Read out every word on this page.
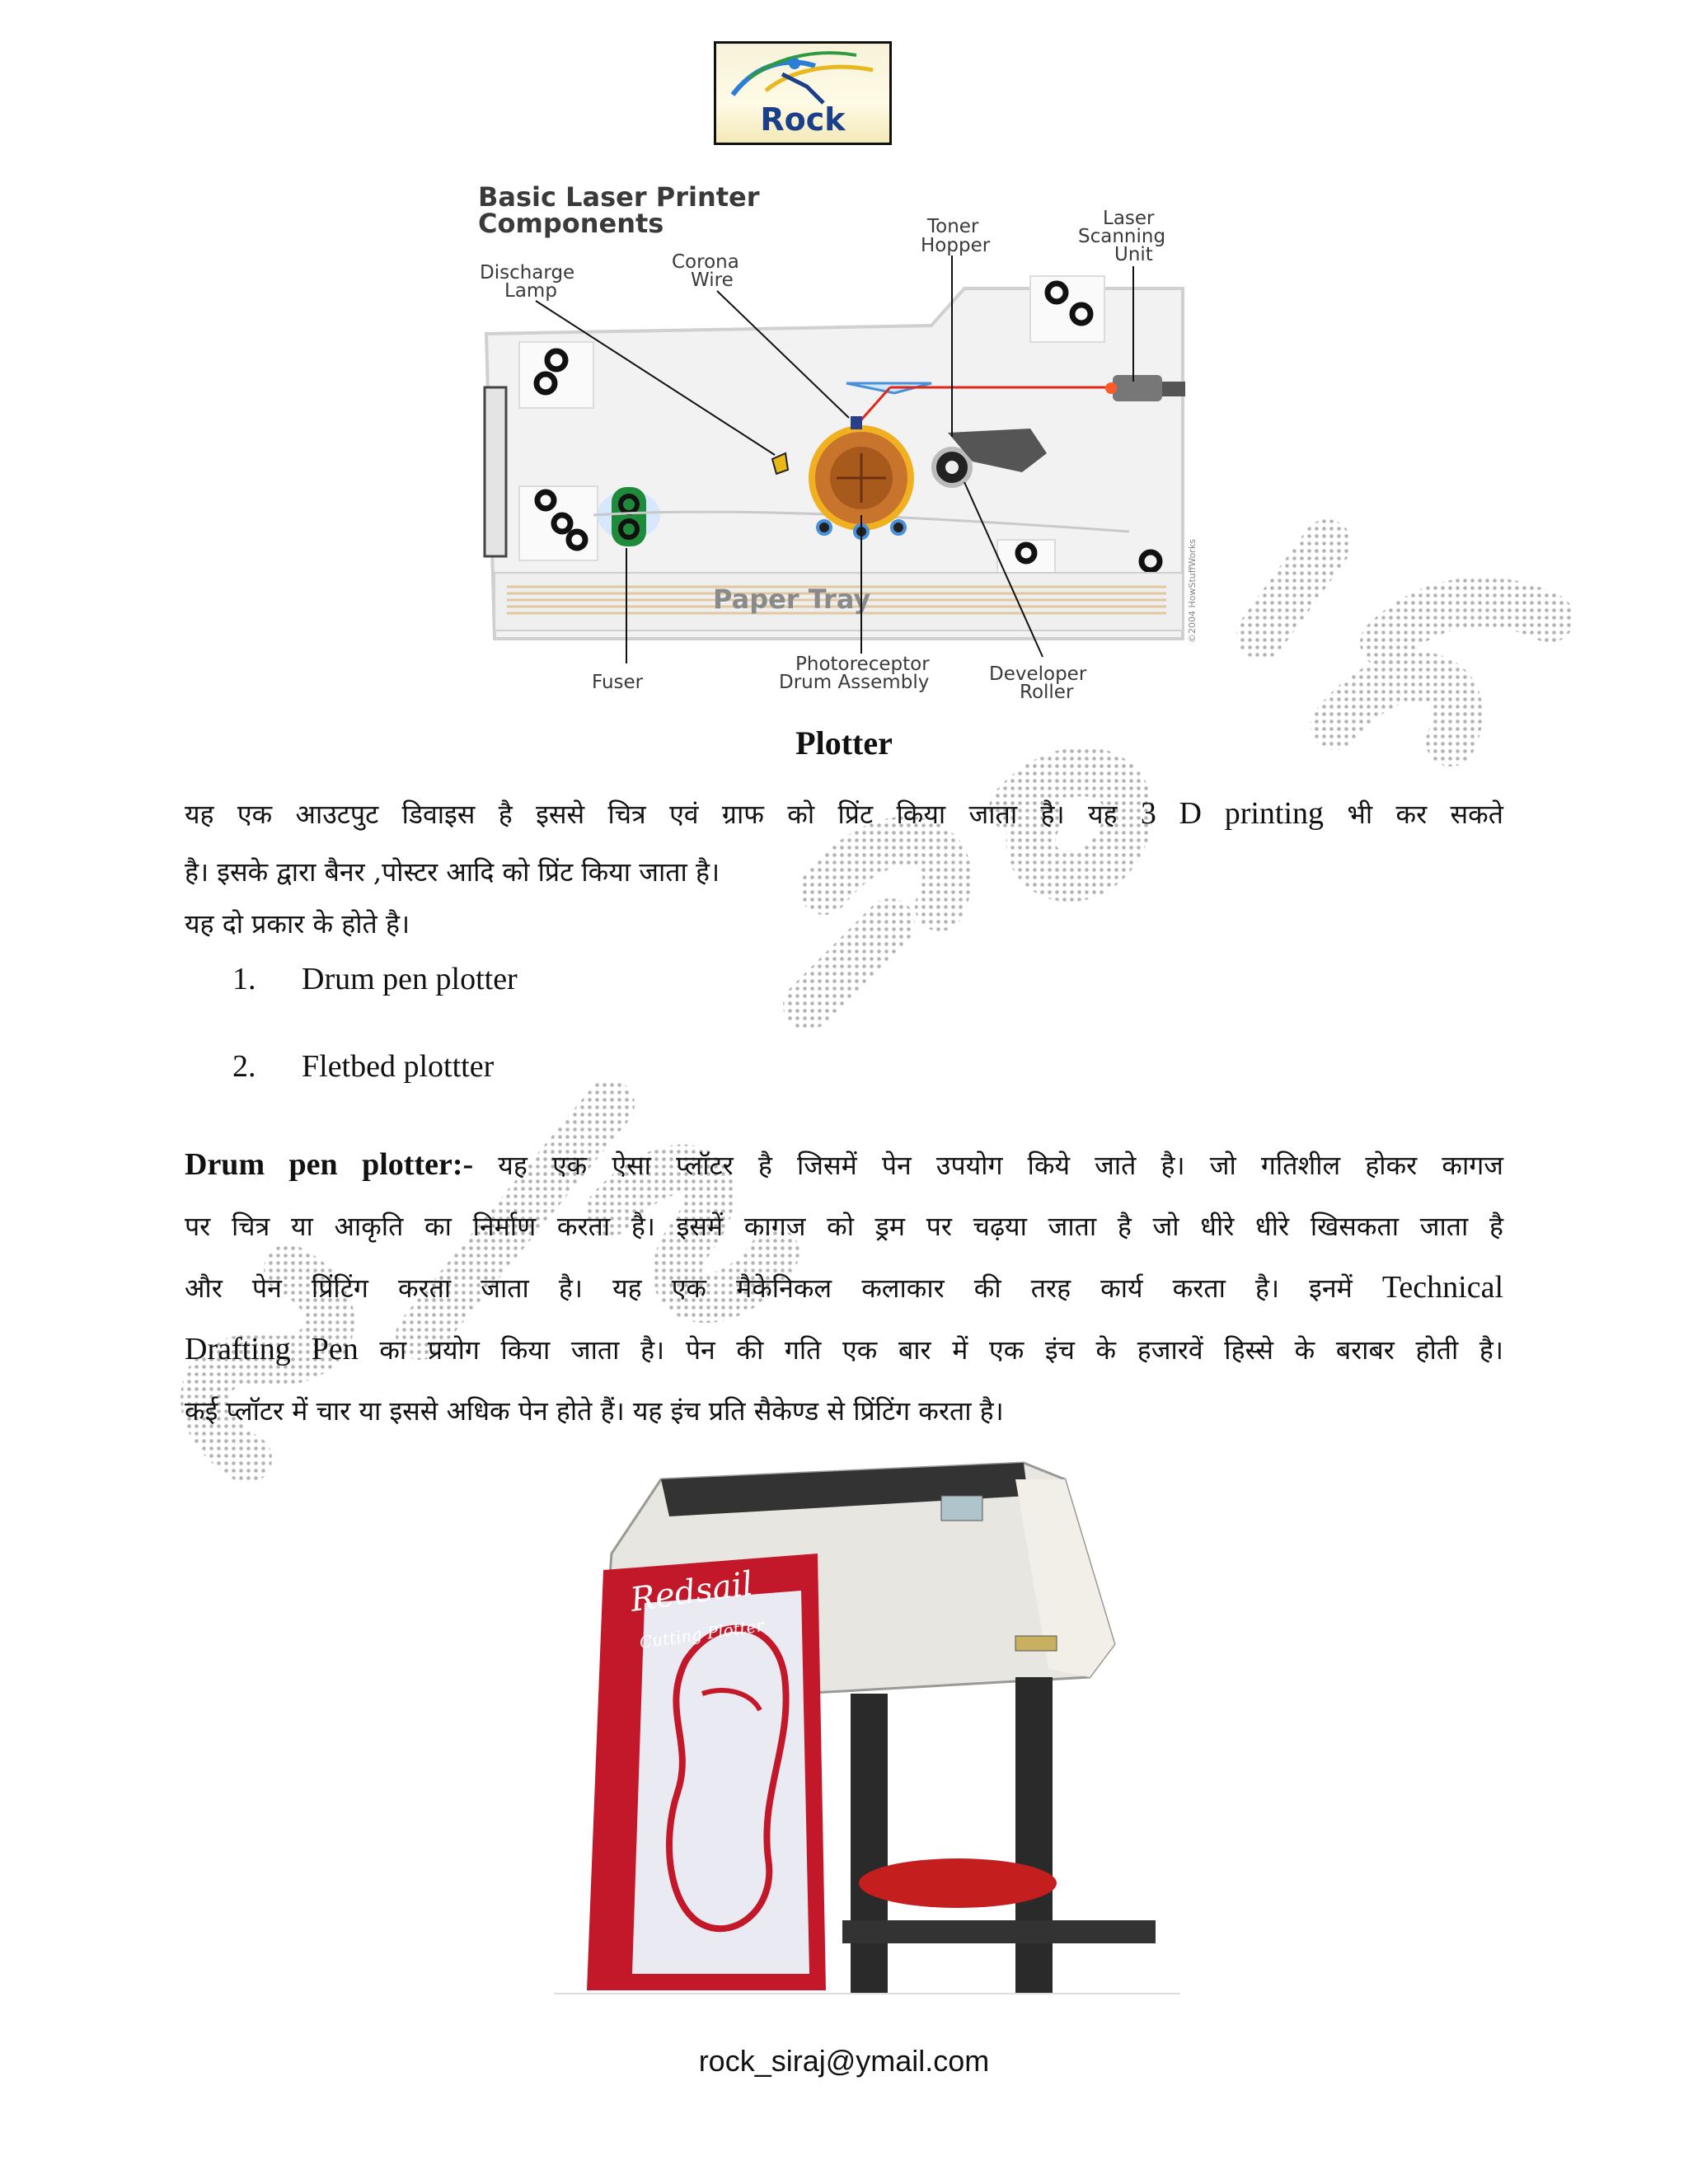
Rock
Basic Laser Printer
Components
Discharge
Lamp
Corona
Wire
Toner
Hopper
Laser
Scanning
Unit
Paper Tray
Fuser
Photoreceptor
Drum Assembly	Developer
Roller
©2004 HowStuffWorks
Plotter
यह एक आउटपुट डिवाइस है इससे चित्र एवं ग्राफ को प्रिंट किया जाता है। यह 3 D printing भी कर सकते
है। इसके द्वारा बैनर ,पोस्टर आदि को प्रिंट किया जाता है।
यह दो प्रकार के होते है।
1. Drum pen plotter
2. Fletbed plottter
Drum pen plotter:- यह एक ऐसा प्लॉटर है जिसमें पेन उपयोग किये जाते है। जो गतिशील होकर कागज
पर चित्र या आकृति का निर्माण करता है। इसमें कागज को ड्रम पर चढ़या जाता है जो धीरे धीरे खिसकता जाता है
और पेन प्रिंटिंग करता जाता है। यह एक मैकेनिकल कलाकार की तरह कार्य करता है। इनमें Technical
Drafting Pen का प्रयोग किया जाता है। पेन की गति एक बार में एक इंच के हजारवें हिस्से के बराबर होती है।
कई प्लॉटर में चार या इससे अधिक पेन होते हैं। यह इंच प्रति सैकेण्ड से प्रिंटिंग करता है।
Redsail
Cutting Plotter
rock_siraj@ymail.com
